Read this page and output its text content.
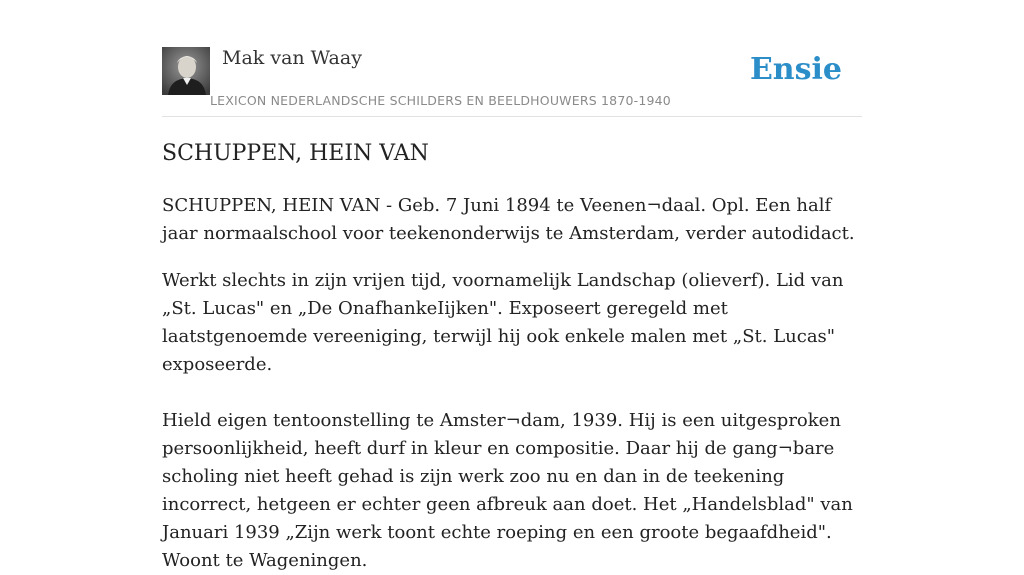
Mak van Waay
LEXICON NEDERLANDSCHE SCHILDERS EN BEELDHOUWERS 1870-1940
Ensie
SCHUPPEN, HEIN VAN

SCHUPPEN, HEIN VAN - Geb. 7 Juni 1894 te Veenen¬daal. Opl. Een half jaar normaalschool voor teekenonderwijs te Amsterdam, verder autodidact.

Werkt slechts in zijn vrijen tijd, voornamelijk Landschap (olieverf). Lid van „St. Lucas" en „De OnafhankeIijken". Exposeert geregeld met laatstgenoemde vereeniging, terwijl hij ook enkele malen met „St. Lucas" exposeerde.

Hield eigen tentoonstelling te Amster¬dam, 1939. Hij is een uitgesproken persoonlijkheid, heeft durf in kleur en compositie. Daar hij de gang¬bare scholing niet heeft gehad is zijn werk zoo nu en dan in de teekening incorrect, hetgeen er echter geen afbreuk aan doet. Het „Handelsblad" van Januari 1939 „Zijn werk toont echte roeping en een groote begaafdheid". Woont te Wageningen.
